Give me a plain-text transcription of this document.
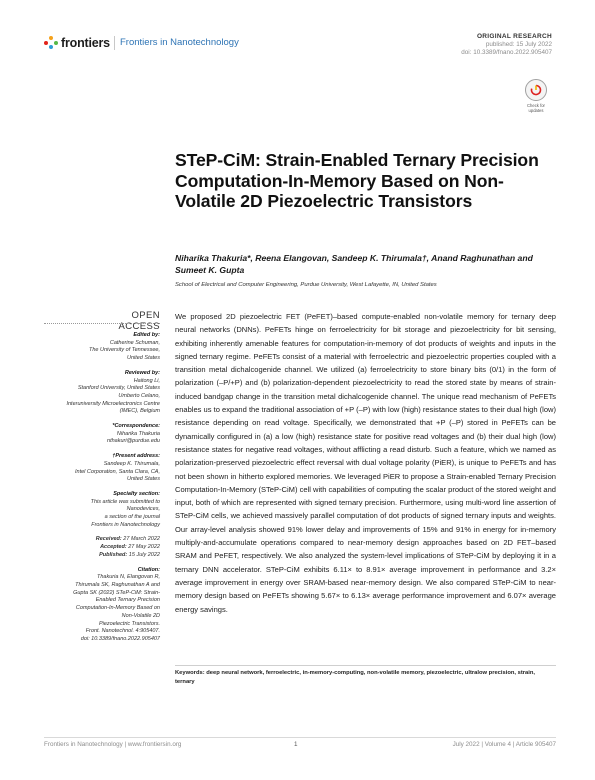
frontiers Frontiers in Nanotechnology
ORIGINAL RESEARCH
published: 15 July 2022
doi: 10.3389/fnano.2022.905407
Check for
updates
STeP-CiM: Strain-Enabled Ternary Precision Computation-In-Memory Based on Non-Volatile 2D Piezoelectric Transistors
Niharika Thakuria*, Reena Elangovan, Sandeep K. Thirumala†, Anand Raghunathan and Sumeet K. Gupta
School of Electrical and Computer Engineering, Purdue University, West Lafayette, IN, United States
OPEN ACCESS
Edited by:
Catherine Schuman,
The University of Tennessee,
United States
Reviewed by:
Haitong Li,
Stanford University, United States
Umberto Celano,
Interuniversity Microelectronics Centre
(IMEC), Belgium
*Correspondence:
Niharika Thakuria
nthakuri@purdue.edu
†Present address:
Sandeep K. Thirumala,
Intel Corporation, Santa Clara, CA,
United States
Specialty section:
This article was submitted to
Nanodevices,
a section of the journal
Frontiers in Nanotechnology
Received: 27 March 2022
Accepted: 27 May 2022
Published: 15 July 2022
Citation:
Thakuria N, Elangovan R,
Thirumala SK, Raghunathan A and
Gupta SK (2022) STeP-CiM: Strain-
Enabled Ternary Precision
Computation-In-Memory Based on
Non-Volatile 2D
Piezoelectric Transistors.
Front. Nanotechnol. 4:905407.
doi: 10.3389/fnano.2022.905407
We proposed 2D piezoelectric FET (PeFET)–based compute-enabled non-volatile memory for ternary deep neural networks (DNNs). PeFETs hinge on ferroelectricity for bit storage and piezoelectricity for bit sensing, exhibiting inherently amenable features for computation-in-memory of dot products of weights and inputs in the signed ternary regime. PeFETs consist of a material with ferroelectric and piezoelectric properties coupled with a transition metal dichalcogenide channel. We utilized (a) ferroelectricity to store binary bits (0/1) in the form of polarization (–P/+P) and (b) polarization-dependent piezoelectricity to read the stored state by means of strain-induced bandgap change in the transition metal dichalcogenide channel. The unique read mechanism of PeFETs enables us to expand the traditional association of +P (–P) with low (high) resistance states to their dual high (low) resistance depending on read voltage. Specifically, we demonstrated that +P (–P) stored in PeFETs can be dynamically configured in (a) a low (high) resistance state for positive read voltages and (b) their dual high (low) resistance states for negative read voltages, without afflicting a read disturb. Such a feature, which we named as polarization-preserved piezoelectric effect reversal with dual voltage polarity (PiER), is unique to PeFETs and has not been shown in hitherto explored memories. We leveraged PiER to propose a Strain-enabled Ternary Precision Computation-In-Memory (STeP-CiM) cell with capabilities of computing the scalar product of the stored weight and input, both of which are represented with signed ternary precision. Furthermore, using multi-word line assertion of STeP-CiM cells, we achieved massively parallel computation of dot products of signed ternary inputs and weights. Our array-level analysis showed 91% lower delay and improvements of 15% and 91% in energy for in-memory multiply-and-accumulate operations compared to near-memory design approaches based on 2D FET–based SRAM and PeFET, respectively. We also analyzed the system-level implications of STeP-CiM by deploying it in a ternary DNN accelerator. STeP-CiM exhibits 6.11× to 8.91× average improvement in performance and 3.2× average improvement in energy over SRAM-based near-memory design. We also compared STeP-CiM to near-memory design based on PeFETs showing 5.67× to 6.13× average performance improvement and 6.07× average energy savings.
Keywords: deep neural network, ferroelectric, in-memory-computing, non-volatile memory, piezoelectric, ultralow precision, strain, ternary
Frontiers in Nanotechnology | www.frontiersin.org	1	July 2022 | Volume 4 | Article 905407
